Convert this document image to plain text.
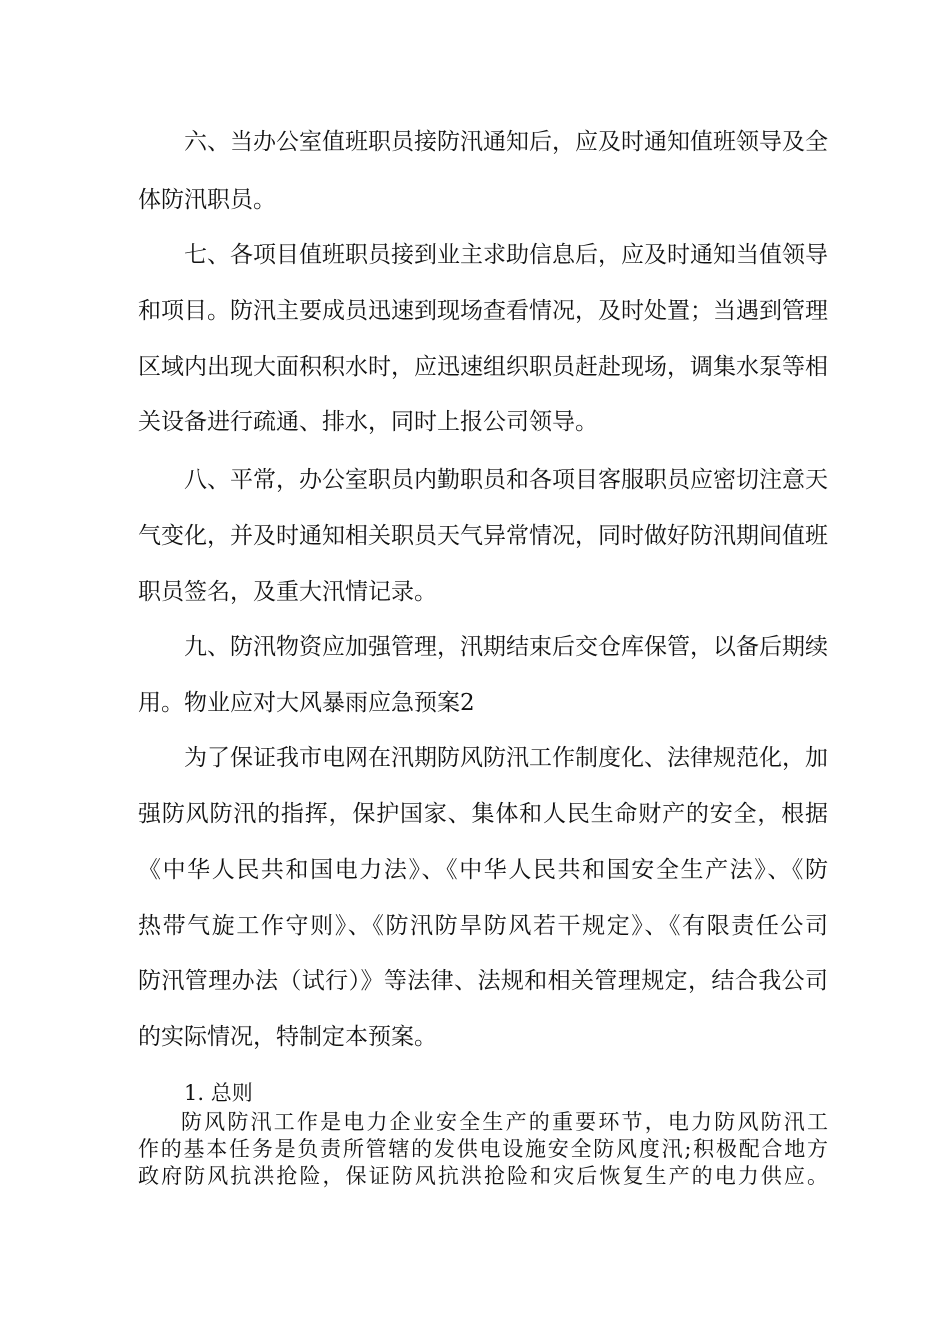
六、当办公室值班职员接防汛通知后，应及时通知值班领导及全
体防汛职员。
七、各项目值班职员接到业主求助信息后，应及时通知当值领导
和项目。防汛主要成员迅速到现场查看情况，及时处置；当遇到管理
区域内出现大面积积水时，应迅速组织职员赶赴现场，调集水泵等相
关设备进行疏通、排水，同时上报公司领导。
八、平常，办公室职员内勤职员和各项目客服职员应密切注意天
气变化，并及时通知相关职员天气异常情况，同时做好防汛期间值班
职员签名，及重大汛情记录。
九、防汛物资应加强管理，汛期结束后交仓库保管，以备后期续
用。物业应对大风暴雨应急预案2
为了保证我市电网在汛期防风防汛工作制度化、法律规范化，加
强防风防汛的指挥，保护国家、集体和人民生命财产的安全，根据
《中华人民共和国电力法》、《中华人民共和国安全生产法》、《防
热带气旋工作守则》、《防汛防旱防风若干规定》、《有限责任公司
防汛管理办法（试行）》等法律、法规和相关管理规定，结合我公司
的实际情况，特制定本预案。
1. 总则
防风防汛工作是电力企业安全生产的重要环节，电力防风防汛工
作的基本任务是负责所管辖的发供电设施安全防风度汛;积极配合地方
政府防风抗洪抢险，保证防风抗洪抢险和灾后恢复生产的电力供应。
